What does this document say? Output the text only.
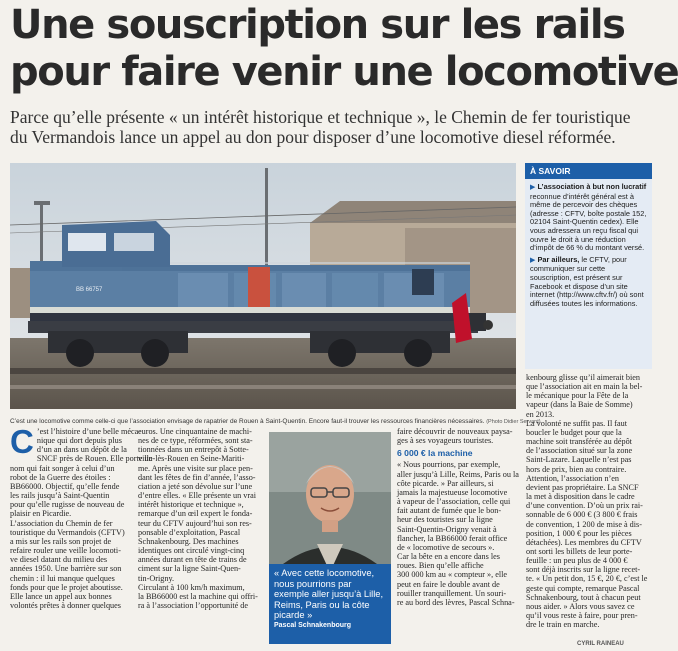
Une souscription sur les rails
pour faire venir une locomotive

Parce qu’elle présente « un intérêt historique et technique », le Chemin de fer touristique
du Vermandois lance un appel au don pour disposer d’une locomotive diesel réformée.

BB 66757
C’est une locomotive comme celle-ci que l’association envisage de rapatrier de Rouen à Saint-Quentin. Encore faut-il trouver les ressources financières nécessaires. (Photo Didier Servant)
À SAVOIR

▶ L’association à but non lucratif reconnue d’intérêt général est à même de percevoir des chèques (adresse : CFTV, boîte postale 152, 02104 Saint-Quentin cedex). Elle vous adressera un reçu fiscal qui ouvre le droit à une réduction d’impôt de 66 % du montant versé.

▶ Par ailleurs, le CFTV, pour communiquer sur cette souscription, est présent sur Facebook et dispose d’un site internet (http://www.cftv.fr/) où sont diffusées toutes les informations.

C ’est l’histoire d’une belle méca-
nique qui dort depuis plus
d’un an dans un dépôt de la
SNCF près de Rouen. Elle porte un
nom qui fait songer à celui d’un
robot de la Guerre des étoiles :
BB66000. Objectif, qu’elle fende
les rails jusqu’à Saint-Quentin
pour qu’elle rugisse de nouveau de
plaisir en Picardie.
L’association du Chemin de fer
touristique du Vermandois (CFTV)
a mis sur les rails son projet de
refaire rouler une veille locomoti-
ve diesel datant du milieu des
années 1950. Une barrière sur son
chemin : il lui manque quelques
fonds pour que le projet aboutisse.
Elle lance un appel aux bonnes
volontés prêtes à donner quelques
euros. Une cinquantaine de machi-
nes de ce type, réformées, sont sta-
tionnées dans un entrepôt à Sotte-
ville-lès-Rouen en Seine-Mariti-
me. Après une visite sur place pen-
dant les fêtes de fin d’année, l’asso-
ciation a jeté son dévolue sur l’une
d’entre elles. « Elle présente un vrai
intérêt historique et technique »,
remarque d’un œil expert le fonda-
teur du CFTV aujourd’hui son res-
ponsable d’exploitation, Pascal
Schnakenbourg. Des machines
identiques ont circulé vingt-cinq
années durant en tête de trains de
ciment sur la ligne Saint-Quen-
tin-Origny.
Circulant à 100 km/h maximum,
la BB66000 est la machine qui offri-
ra à l’association l’opportunité de
« Avec cette locomotive, nous pourrions par exemple aller jusqu’à Lille, Reims, Paris ou la côte picarde »
Pascal Schnakenbourg
faire découvrir de nouveaux paysa-
ges à ses voyageurs touristes.
6 000 € la machine
« Nous pourrions, par exemple,
aller jusqu’à Lille, Reims, Paris ou la
côte picarde. » Par ailleurs, si
jamais la majestueuse locomotive
à vapeur de l’association, celle qui
fait autant de fumée que le bon-
heur des touristes sur la ligne
Saint-Quentin-Origny venait à
flancher, la BB66000 ferait office
de « locomotive de secours ».
Car la bête en a encore dans les
roues. Bien qu’elle affiche
300 000 km au « compteur », elle
peut en faire le double avant de
rouiller tranquillement. Un souri-
re au bord des lèvres, Pascal Schna-
kenbourg glisse qu’il aimerait bien
que l’association ait en main la bel-
le mécanique pour la Fête de la
vapeur (dans la Baie de Somme)
en 2013.
La volonté ne suffit pas. Il faut
boucler le budget pour que la
machine soit transférée au dépôt
de l’association situé sur la zone
Saint-Lazare. Laquelle n’est pas
hors de prix, bien au contraire.
Attention, l’association n’en
devient pas propriétaire. La SNCF
la met à disposition dans le cadre
d’une convention. D’où un prix rai-
sonnable de 6 000 € (3 800 € frais
de convention, 1 200 de mise à dis-
position, 1 000 € pour les pièces
détachées). Les membres du CFTV
ont sorti les billets de leur porte-
feuille : un peu plus de 4 000 €
sont déjà inscrits sur la ligne recet-
te. « Un petit don, 15 €, 20 €, c’est le
geste qui compte, remarque Pascal
Schnakenbourg, tout à chacun peut
nous aider. » Alors vous savez ce
qu’il vous reste à faire, pour pren-
dre le train en marche.
CYRIL RAINEAU
